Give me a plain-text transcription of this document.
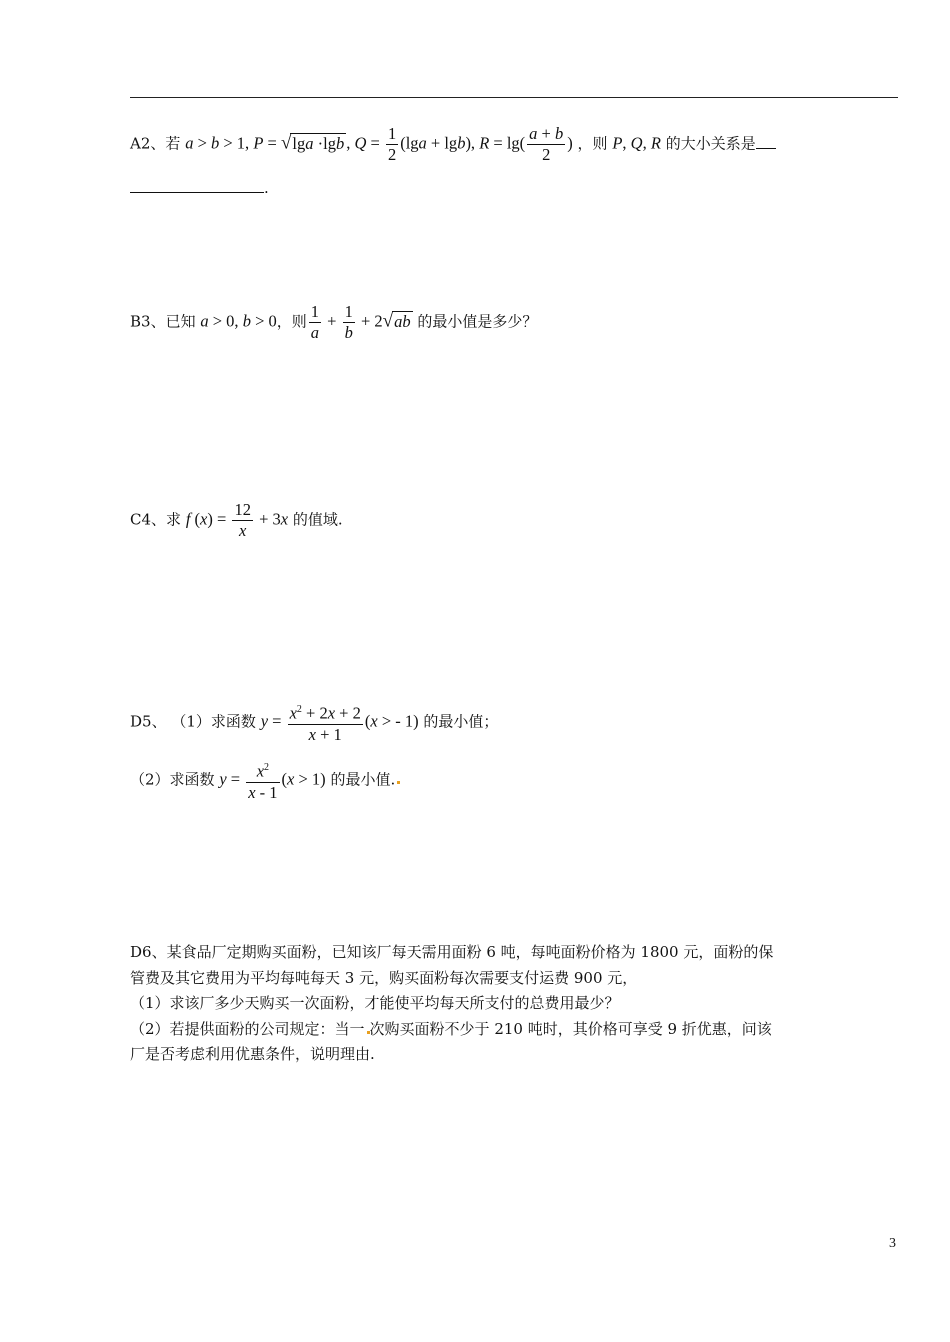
A2、若 a > b > 1, P = √lga ·lgb , $Q = \frac{1}{2} (\lg a + \lg b)$, $R = \lg( \frac{a + b}{2}$ ) ，则 P, Q, R 的大小关系是
.
B3、已知 a > 0, b > 0，则 $\frac{1}{a} + \frac{1}{b} + 2√ab$ 的最小值是多少？
C4、求 f $(x) = \frac{12}{x} + 3x$ 的值域.
D5、 （1）求函数 $y = \frac{x^2 + 2x + 2}{x + 1} (x$ > - 1) 的最小值；
（2）求函数 $y = \frac{x^2}{x - 1} (x > 1)$ 的最小值.
D6、某食品厂定期购买面粉，已知该厂每天需用面粉 6 吨，每吨面粉价格为 1800 元，面粉的保
管费及其它费用为平均每吨每天 3 元，购买面粉每次需要支付运费 900 元，
（1）求该厂多少天购买一次面粉，才能使平均每天所支付的总费用最少？
（2）若提供面粉的公司规定：当一 次购买面粉不少于 210 吨时，其价格可享受 9 折优惠，问该
厂是否考虑利用优惠条件，说明理由.
3
